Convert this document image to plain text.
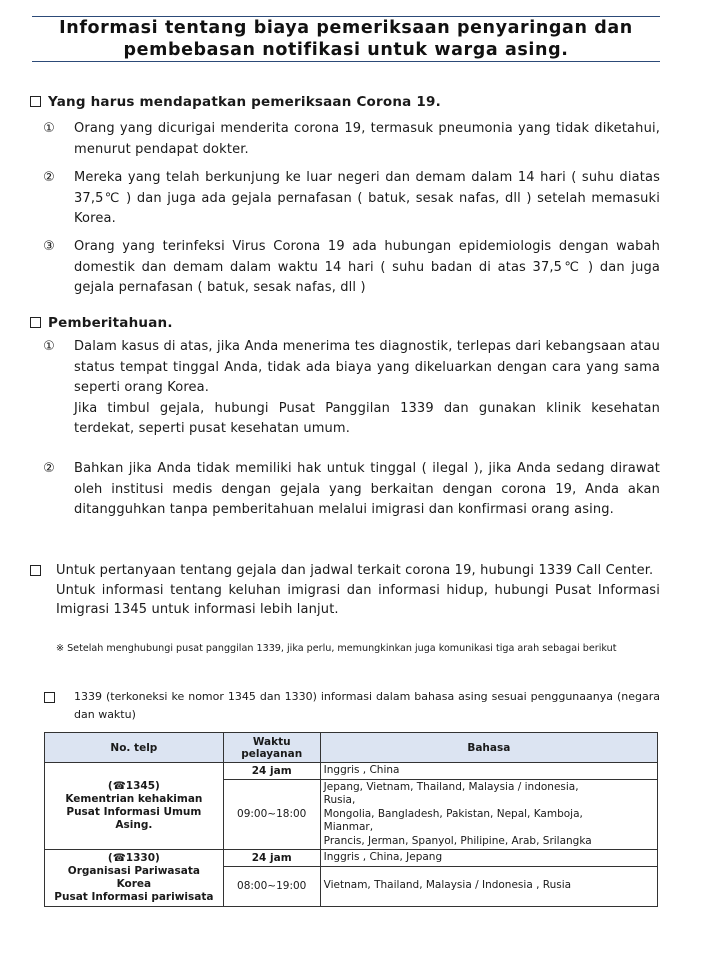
Informasi tentang biaya pemeriksaan penyaringan dan
pembebasan notifikasi untuk warga asing.
Yang harus mendapatkan pemeriksaan Corona 19.
① Orang yang dicurigai menderita corona 19, termasuk pneumonia yang tidak diketahui, menurut pendapat dokter.

② Mereka yang telah berkunjung ke luar negeri dan demam dalam 14 hari ( suhu diatas 37,5℃ ) dan juga ada gejala pernafasan ( batuk, sesak nafas, dll ) setelah memasuki Korea.

③ Orang yang terinfeksi Virus Corona 19 ada hubungan epidemiologis dengan wabah domestik dan demam dalam waktu 14 hari ( suhu badan di atas 37,5℃ ) dan juga gejala pernafasan ( batuk, sesak nafas, dll )

Pemberitahuan.
① Dalam kasus di atas, jika Anda menerima tes diagnostik, terlepas dari kebangsaan atau status tempat tinggal Anda, tidak ada biaya yang dikeluarkan dengan cara yang sama seperti orang Korea.

Jika timbul gejala, hubungi Pusat Panggilan 1339 dan gunakan klinik kesehatan terdekat, seperti pusat kesehatan umum.

② Bahkan jika Anda tidak memiliki hak untuk tinggal ( ilegal ), jika Anda sedang dirawat oleh institusi medis dengan gejala yang berkaitan dengan corona 19, Anda akan ditangguhkan tanpa pemberitahuan melalui imigrasi dan konfirmasi orang asing.

Untuk pertanyaan tentang gejala dan jadwal terkait corona 19, hubungi 1339 Call Center.

Untuk informasi tentang keluhan imigrasi dan informasi hidup, hubungi Pusat Informasi Imigrasi 1345 untuk informasi lebih lanjut.

※ Setelah menghubungi pusat panggilan 1339, jika perlu, memungkinkan juga komunikasi tiga arah sebagai berikut

1339 (terkoneksi ke nomor 1345 dan 1330) informasi dalam bahasa asing sesuai penggunaanya (negara dan waktu)

No. telp	Waktu pelayanan	Bahasa

(☎1345)
Kementrian kehakiman
Pusat Informasi Umum
Asing.	24 jam	Inggris , China

	09:00~18:00	Jepang, Vietnam, Thailand, Malaysia / indonesia,
Rusia,
Mongolia, Bangladesh, Pakistan, Nepal, Kamboja,
Mianmar,
Prancis, Jerman, Spanyol, Philipine, Arab, Srilangka

(☎1330)
Organisasi Pariwasata
Korea
Pusat Informasi pariwisata	24 jam	Inggris , China, Jepang

	08:00~19:00	Vietnam, Thailand, Malaysia / Indonesia , Rusia
